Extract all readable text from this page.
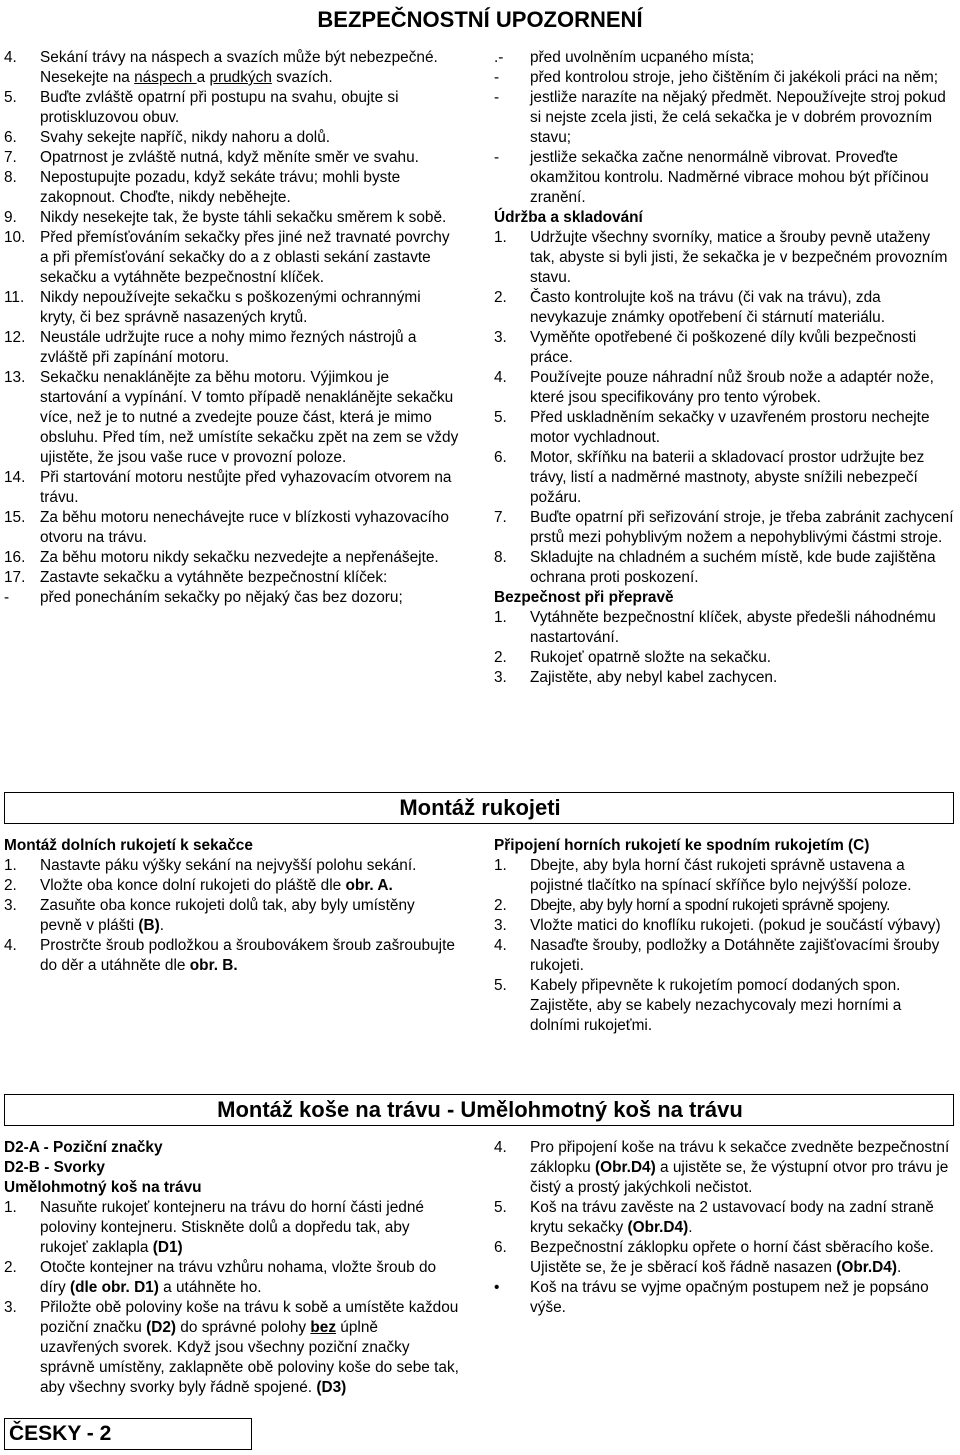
BEZPEČNOSTNÍ UPOZORNENÍ
4. Sekání trávy na náspech a svazích může být nebezpečné. Nesekejte na náspech a prudkých svazích.
5. Buďte zvláště opatrní při postupu na svahu, obujte si protiskluzovou obuv.
6. Svahy sekejte napříč, nikdy nahoru a dolů.
7. Opatrnost je zvláště nutná, když měníte směr ve svahu.
8. Nepostupujte pozadu, když sekáte trávu; mohli byste zakopnout. Choďte, nikdy neběhejte.
9. Nikdy nesekejte tak, že byste táhli sekačku směrem k sobě.
10. Před přemísťováním sekačky přes jiné než travnaté povrchy a při přemísťování sekačky do a z oblasti sekání zastavte sekačku a vytáhněte bezpečnostní klíček.
11. Nikdy nepoužívejte sekačku s poškozenými ochrannými kryty, či bez správně nasazených krytů.
12. Neustále udržujte ruce a nohy mimo řezných nástrojů a zvláště při zapínání motoru.
13. Sekačku nenaklánějte za běhu motoru. Výjimkou je startování a vypínání. V tomto případě nenaklánějte sekačku více, než je to nutné a zvedejte pouze část, která je mimo obsluhu. Před tím, než umístíte sekačku zpět na zem se vždy ujistěte, že jsou vaše ruce v provozní poloze.
14. Při startování motoru nestůjte před vyhazovacím otvorem na trávu.
15. Za běhu motoru nenechávejte ruce v blízkosti vyhazovacího otvoru na trávu.
16. Za běhu motoru nikdy sekačku nezvedejte a nepřenášejte.
17. Zastavte sekačku a vytáhněte bezpečnostní klíček:
- před ponecháním sekačky po nějaký čas bez dozoru;
.- před uvolněním ucpaného místa;
- před kontrolou stroje, jeho čištěním či jakékoli práci na něm;
- jestliže narazíte na nějaký předmět. Nepoužívejte stroj pokud si nejste zcela jisti, že celá sekačka je v dobrém provozním stavu;
- jestliže sekačka začne nenormálně vibrovat. Proveďte okamžitou kontrolu. Nadměrné vibrace mohou být příčinou zranění.

Údržba a skladování

1. Udržujte všechny svorníky, matice a šrouby pevně utaženy tak, abyste si byli jisti, že sekačka je v bezpečném provozním stavu.
2. Často kontrolujte koš na trávu (či vak na trávu), zda nevykazuje známky opotřebení či stárnutí materiálu.
3. Vyměňte opotřebené či poškozené díly kvůli bezpečnosti práce.
4. Používejte pouze náhradní nůž šroub nože a adaptér nože, které jsou specifikovány pro tento výrobek.
5. Před uskladněním sekačky v uzavřeném prostoru nechejte motor vychladnout.
6. Motor, skříňku na baterii a skladovací prostor udržujte bez trávy, listí a nadměrné mastnoty, abyste snížili nebezpečí požáru.
7. Buďte opatrní při seřizování stroje, je třeba zabránit zachycení prstů mezi pohyblivým nožem a nepohyblivými částmi stroje.
8. Skladujte na chladném a suchém místě, kde bude zajištěna ochrana proti poskození.

Bezpečnost při přepravě

1. Vytáhněte bezpečnostní klíček, abyste předešli náhodnému nastartování.
2. Rukojeť opatrně složte na sekačku.
3. Zajistěte, aby nebyl kabel zachycen.
Montáž rukojeti

Montáž dolních rukojetí k sekačce

1. Nastavte páku výšky sekání na nejvyšší polohu sekání.
2. Vložte oba konce dolní rukojeti do pláště dle obr. A.
3. Zasuňte oba konce rukojeti dolů tak, aby byly umístěny pevně v plášti (B).
4. Prostrčte šroub podložkou a šroubovákem šroub zašroubujte do děr a utáhněte dle obr. B.

Připojení horních rukojetí ke spodním rukojetím (C)

1. Dbejte, aby byla horní část rukojeti správně ustavena a pojistné tlačítko na spínací skříňce bylo nejvýšší poloze.
2. Dbejte, aby byly horní a spodní rukojeti správně spojeny.
3. Vložte matici do knoflíku rukojeti. (pokud je součástí výbavy)
4. Nasaďte šrouby, podložky a Dotáhněte zajišťovacími šrouby rukojeti.
5. Kabely připevněte k rukojetím pomocí dodaných spon. Zajistěte, aby se kabely nezachycovaly mezi horními a dolními rukojeťmi.
Montáž koše na trávu - Umělohmotný koš na trávu

D2-A - Poziční značky

D2-B - Svorky

Umělohmotný koš na trávu

1. Nasuňte rukojeť kontejneru na trávu do horní části jedné poloviny kontejneru. Stiskněte dolů a dopředu tak, aby rukojeť zaklapla (D1)
2. Otočte kontejner na trávu vzhůru nohama, vložte šroub do díry (dle obr. D1) a utáhněte ho.
3. Přiložte obě poloviny koše na trávu k sobě a umístěte každou poziční značku (D2) do správné polohy bez úplně uzavřených svorek. Když jsou všechny poziční značky správně umístěny, zaklapněte obě poloviny koše do sebe tak, aby všechny svorky byly řádně spojené. (D3)
4. Pro připojení koše na trávu k sekačce zvedněte bezpečnostní záklopku (Obr.D4) a ujistěte se, že výstupní otvor pro trávu je čistý a prostý jakýchkoli nečistot.
5. Koš na trávu zavěste na 2 ustavovací body na zadní straně krytu sekačky (Obr.D4).
6. Bezpečnostní záklopku opřete o horní část sběracího koše. Ujistěte se, že je sběrací koš řádně nasazen (Obr.D4).
• Koš na trávu se vyjme opačným postupem než je popsáno výše.
ČESKY - 2
